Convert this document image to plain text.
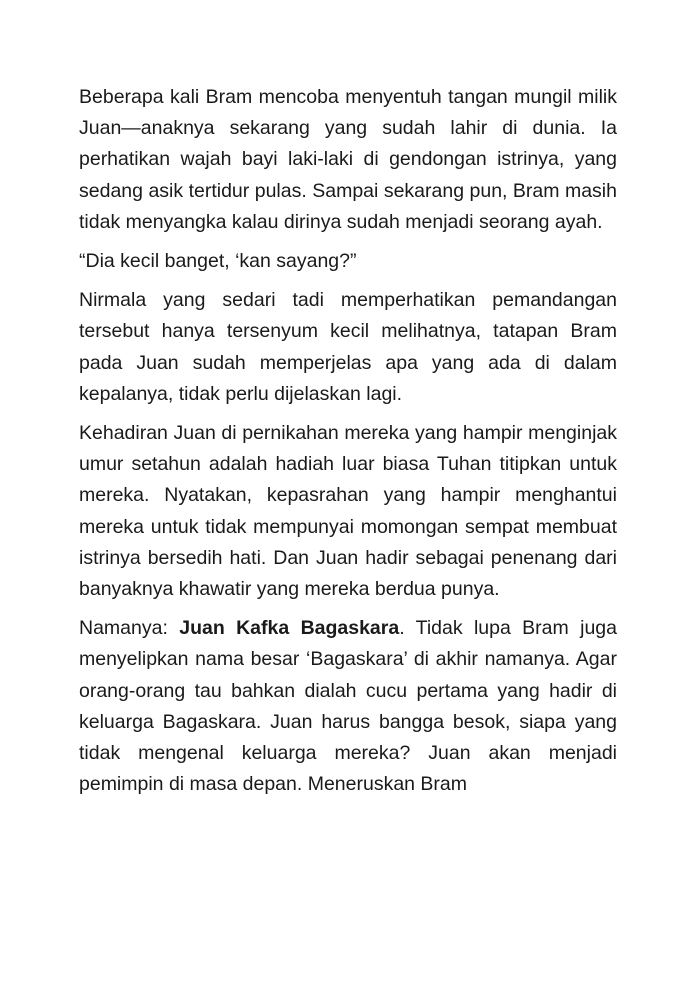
Beberapa kali Bram mencoba menyentuh tangan mungil milik Juan—anaknya sekarang yang sudah lahir di dunia. Ia perhatikan wajah bayi laki-laki di gendongan istrinya, yang sedang asik tertidur pulas. Sampai sekarang pun, Bram masih tidak menyangka kalau dirinya sudah menjadi seorang ayah.

“Dia kecil banget, ‘kan sayang?”

Nirmala yang sedari tadi memperhatikan pemandangan tersebut hanya tersenyum kecil melihatnya, tatapan Bram pada Juan sudah memperjelas apa yang ada di dalam kepalanya, tidak perlu dijelaskan lagi.

Kehadiran Juan di pernikahan mereka yang hampir menginjak umur setahun adalah hadiah luar biasa Tuhan titipkan untuk mereka. Nyatakan, kepasrahan yang hampir menghantui mereka untuk tidak mempunyai momongan sempat membuat istrinya bersedih hati. Dan Juan hadir sebagai penenang dari banyaknya khawatir yang mereka berdua punya.

Namanya: Juan Kafka Bagaskara. Tidak lupa Bram juga menyelipkan nama besar ‘Bagaskara’ di akhir namanya. Agar orang-orang tau bahkan dialah cucu pertama yang hadir di keluarga Bagaskara. Juan harus bangga besok, siapa yang tidak mengenal keluarga mereka? Juan akan menjadi pemimpin di masa depan. Meneruskan Bram
